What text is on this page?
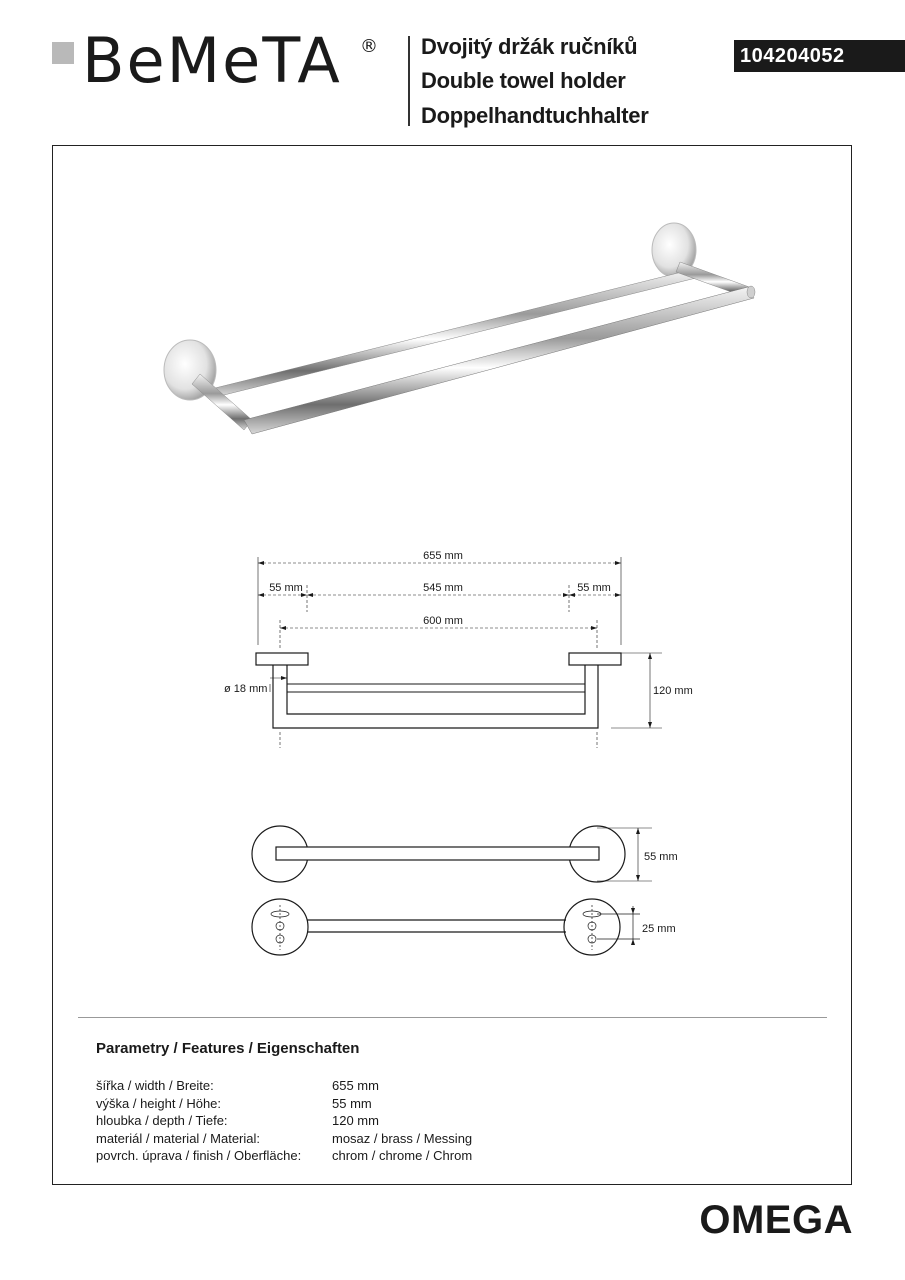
BeMeTA ® Dvojitý držák ručníků
Double towel holder
Doppelhandtuchhalter
104204052
655 mm
55 mm	545 mm	55 mm
600 mm
ø 18 mm	120 mm
55 mm
25 mm
Parametry / Features / Eigenschaften
šířka / width / Breite:	655 mm
výška / height / Höhe:	55 mm
hloubka / depth / Tiefe:	120 mm
materiál / material / Material:	mosaz / brass / Messing
povrch. úprava / finish / Oberfläche:	chrom / chrome / Chrom
OMEGA
